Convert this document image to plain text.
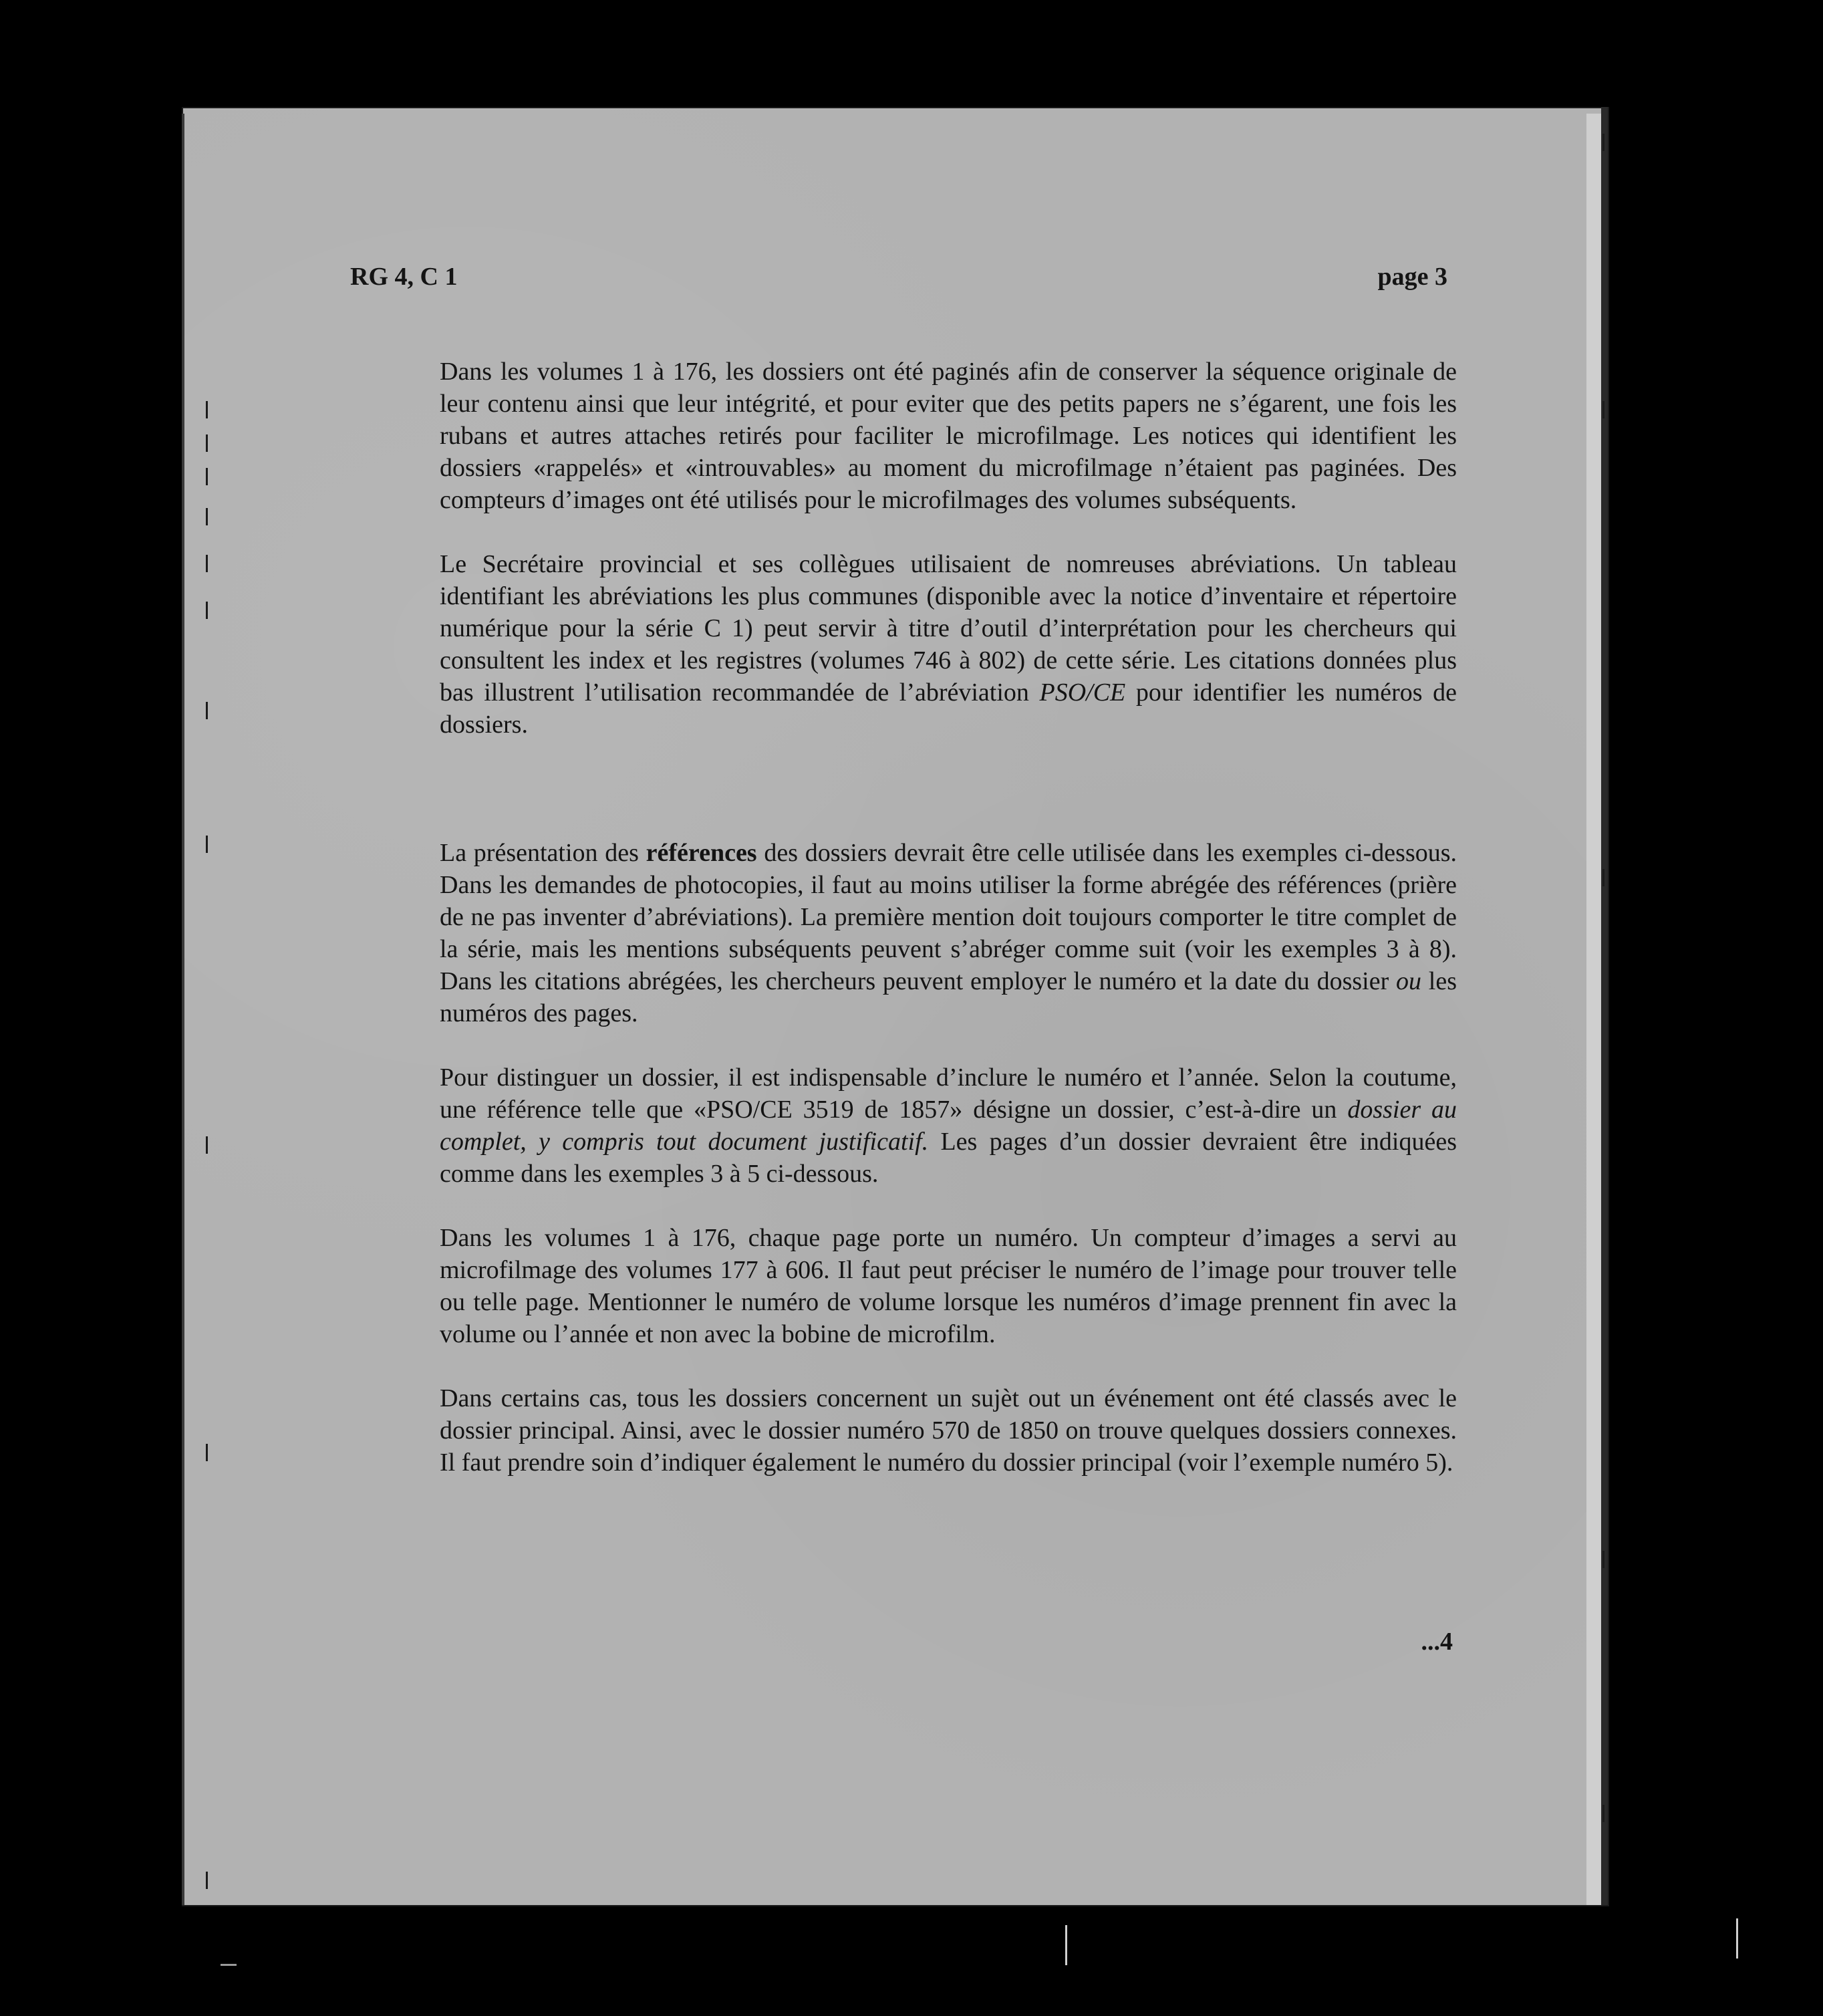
RG 4, C 1	page 3

Dans les volumes 1 à 176, les dossiers ont été paginés afin de conserver la séquence originale de leur contenu ainsi que leur intégrité, et pour eviter que des petits papers ne s’égarent, une fois les rubans et autres attaches retirés pour faciliter le microfilmage. Les notices qui identifient les dossiers «rappelés» et «introuvables» au moment du microfilmage n’étaient pas paginées. Des compteurs d’images ont été utilisés pour le microfilmages des volumes subséquents.

Le Secrétaire provincial et ses collègues utilisaient de nomreuses abréviations. Un tableau identifiant les abréviations les plus communes (disponible avec la notice d’inventaire et répertoire numérique pour la série C 1) peut servir à titre d’outil d’interprétation pour les chercheurs qui consultent les index et les registres (volumes 746 à 802) de cette série. Les citations données plus bas illustrent l’utilisation recommandée de l’abréviation PSO/CE pour identifier les numéros de dossiers.

La présentation des références des dossiers devrait être celle utilisée dans les exemples ci-dessous. Dans les demandes de photocopies, il faut au moins utiliser la forme abrégée des références (prière de ne pas inventer d’abréviations). La première mention doit toujours comporter le titre complet de la série, mais les mentions subséquents peuvent s’abréger comme suit (voir les exemples 3 à 8). Dans les citations abrégées, les chercheurs peuvent employer le numéro et la date du dossier ou les numéros des pages.

Pour distinguer un dossier, il est indispensable d’inclure le numéro et l’année. Selon la coutume, une référence telle que «PSO/CE 3519 de 1857» désigne un dossier, c’est-à-dire un dossier au complet, y compris tout document justificatif. Les pages d’un dossier devraient être indiquées comme dans les exemples 3 à 5 ci-dessous.

Dans les volumes 1 à 176, chaque page porte un numéro. Un compteur d’images a servi au microfilmage des volumes 177 à 606. Il faut peut préciser le numéro de l’image pour trouver telle ou telle page. Mentionner le numéro de volume lorsque les numéros d’image prennent fin avec la volume ou l’année et non avec la bobine de microfilm.

Dans certains cas, tous les dossiers concernent un sujèt out un événement ont été classés avec le dossier principal. Ainsi, avec le dossier numéro 570 de 1850 on trouve quelques dossiers connexes. Il faut prendre soin d’indiquer également le numéro du dossier principal (voir l’exemple numéro 5).

...4
